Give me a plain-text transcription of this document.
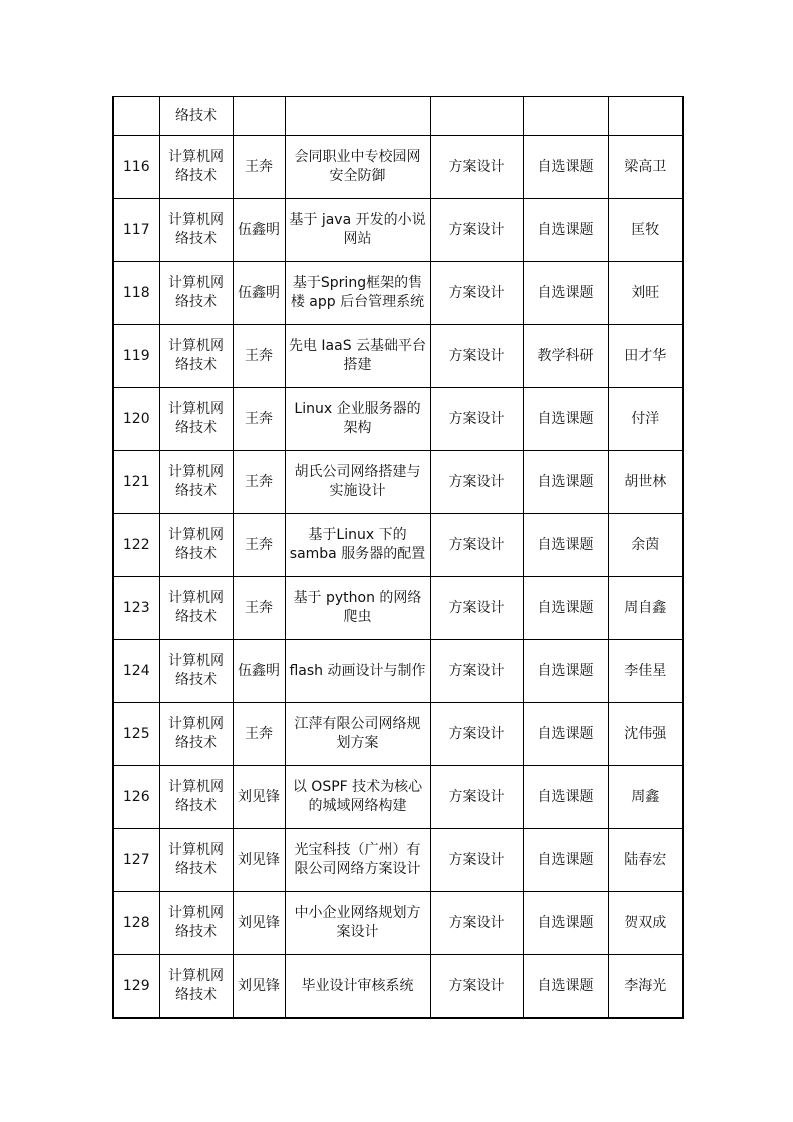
	络技术					
116	计算机网络技术	王奔	会同职业中专校园网安全防御	方案设计	自选课题	梁高卫
117	计算机网络技术	伍鑫明	基于 java 开发的小说网站	方案设计	自选课题	匡牧
118	计算机网络技术	伍鑫明	基于Spring框架的售楼 app 后台管理系统	方案设计	自选课题	刘旺
119	计算机网络技术	王奔	先电 IaaS 云基础平台搭建	方案设计	教学科研	田才华
120	计算机网络技术	王奔	Linux 企业服务器的架构	方案设计	自选课题	付洋
121	计算机网络技术	王奔	胡氏公司网络搭建与实施设计	方案设计	自选课题	胡世林
122	计算机网络技术	王奔	基于Linux 下的 samba 服务器的配置	方案设计	自选课题	余茵
123	计算机网络技术	王奔	基于 python 的网络爬虫	方案设计	自选课题	周自鑫
124	计算机网络技术	伍鑫明	flash 动画设计与制作	方案设计	自选课题	李佳星
125	计算机网络技术	王奔	江萍有限公司网络规划方案	方案设计	自选课题	沈伟强
126	计算机网络技术	刘见锋	以 OSPF 技术为核心的城域网络构建	方案设计	自选课题	周鑫
127	计算机网络技术	刘见锋	光宝科技（广州）有限公司网络方案设计	方案设计	自选课题	陆春宏
128	计算机网络技术	刘见锋	中小企业网络规划方案设计	方案设计	自选课题	贺双成
129	计算机网络技术	刘见锋	毕业设计审核系统	方案设计	自选课题	李海光
